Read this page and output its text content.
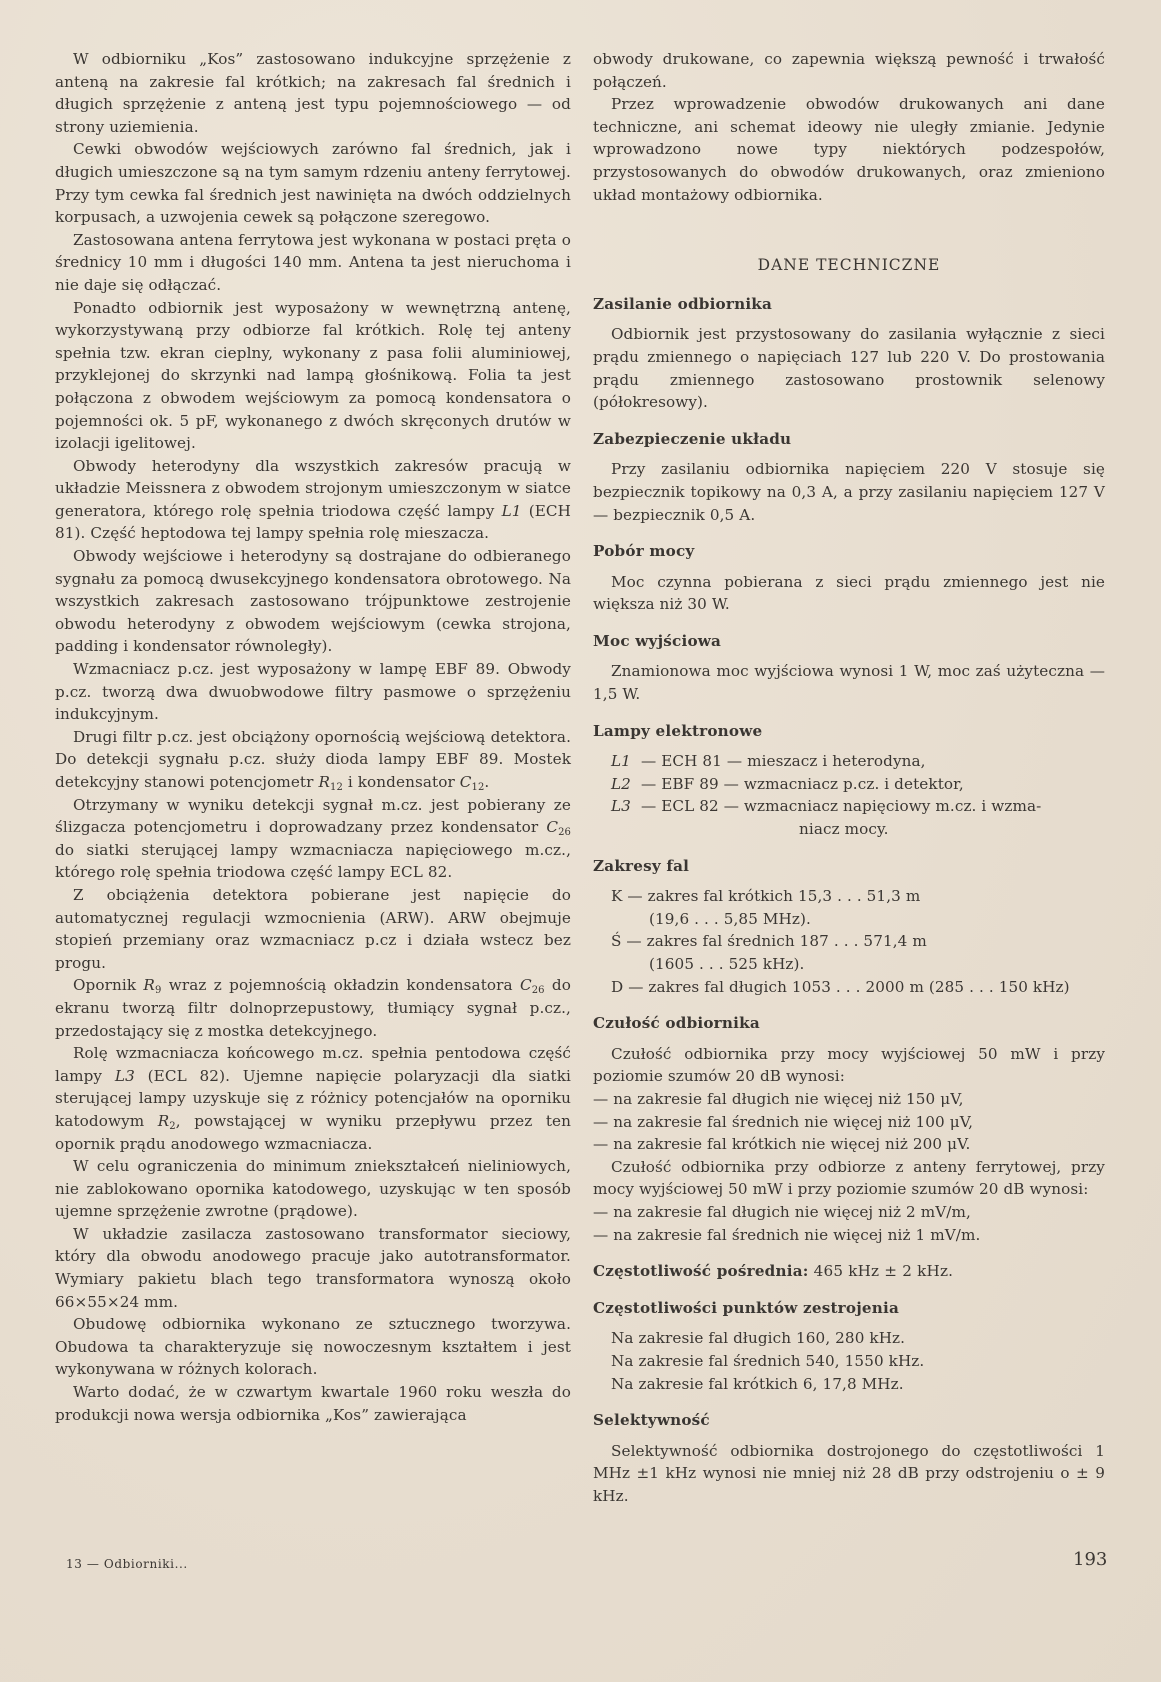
W odbiorniku „Kos” zastosowano indukcyjne sprzężenie z anteną na zakresie fal krótkich; na zakresach fal średnich i długich sprzężenie z anteną jest typu pojemnościowego — od strony uziemienia.

Cewki obwodów wejściowych zarówno fal średnich, jak i długich umieszczone są na tym samym rdzeniu anteny ferrytowej. Przy tym cewka fal średnich jest nawinięta na dwóch oddzielnych korpusach, a uzwojenia cewek są połączone szeregowo.

Zastosowana antena ferrytowa jest wykonana w postaci pręta o średnicy 10 mm i długości 140 mm. Antena ta jest nieruchoma i nie daje się odłączać.

Ponadto odbiornik jest wyposażony w wewnętrzną antenę, wykorzystywaną przy odbiorze fal krótkich. Rolę tej anteny spełnia tzw. ekran cieplny, wykonany z pasa folii aluminiowej, przyklejonej do skrzynki nad lampą głośnikową. Folia ta jest połączona z obwodem wejściowym za pomocą kondensatora o pojemności ok. 5 pF, wykonanego z dwóch skręconych drutów w izolacji igelitowej.

Obwody heterodyny dla wszystkich zakresów pracują w układzie Meissnera z obwodem strojonym umieszczonym w siatce generatora, którego rolę spełnia triodowa część lampy L1 (ECH 81). Część heptodowa tej lampy spełnia rolę mieszacza.

Obwody wejściowe i heterodyny są dostrajane do odbieranego sygnału za pomocą dwusekcyjnego kondensatora obrotowego. Na wszystkich zakresach zastosowano trójpunktowe zestrojenie obwodu heterodyny z obwodem wejściowym (cewka strojona, padding i kondensator równoległy).

Wzmacniacz p.cz. jest wyposażony w lampę EBF 89. Obwody p.cz. tworzą dwa dwuobwodowe filtry pasmowe o sprzężeniu indukcyjnym.

Drugi filtr p.cz. jest obciążony opornością wejściową detektora. Do detekcji sygnału p.cz. służy dioda lampy EBF 89. Mostek detekcyjny stanowi potencjometr $R_{12}$ i kondensator $C_{12}$.

Otrzymany w wyniku detekcji sygnał m.cz. jest pobierany ze ślizgacza potencjometru i doprowadzany przez kondensator $C_{26}$ do siatki sterującej lampy wzmacniacza napięciowego m.cz., którego rolę spełnia triodowa część lampy ECL 82.

Z obciążenia detektora pobierane jest napięcie do automatycznej regulacji wzmocnienia (ARW). ARW obejmuje stopień przemiany oraz wzmacniacz p.cz i działa wstecz bez progu.

Opornik $R_9$ wraz z pojemnością okładzin kondensatora $C_{26}$ do ekranu tworzą filtr dolnoprzepustowy, tłumiący sygnał p.cz., przedostający się z mostka detekcyjnego.

Rolę wzmacniacza końcowego m.cz. spełnia pentodowa część lampy L3 (ECL 82). Ujemne napięcie polaryzacji dla siatki sterującej lampy uzyskuje się z różnicy potencjałów na oporniku katodowym $R_2$, powstającej w wyniku przepływu przez ten opornik prądu anodowego wzmacniacza.

W celu ograniczenia do minimum zniekształceń nieliniowych, nie zablokowano opornika katodowego, uzyskując w ten sposób ujemne sprzężenie zwrotne (prądowe).

W układzie zasilacza zastosowano transformator sieciowy, który dla obwodu anodowego pracuje jako autotransformator. Wymiary pakietu blach tego transformatora wynoszą około 66×55×24 mm.

Obudowę odbiornika wykonano ze sztucznego tworzywa. Obudowa ta charakteryzuje się nowoczesnym kształtem i jest wykonywana w różnych kolorach.

Warto dodać, że w czwartym kwartale 1960 roku weszła do produkcji nowa wersja odbiornika „Kos” zawierająca

obwody drukowane, co zapewnia większą pewność i trwałość połączeń.

Przez wprowadzenie obwodów drukowanych ani dane techniczne, ani schemat ideowy nie uległy zmianie. Jedynie wprowadzono nowe typy niektórych podzespołów, przystosowanych do obwodów drukowanych, oraz zmieniono układ montażowy odbiornika.

DANE TECHNICZNE
Zasilanie odbiornika

Odbiornik jest przystosowany do zasilania wyłącznie z sieci prądu zmiennego o napięciach 127 lub 220 V. Do prostowania prądu zmiennego zastosowano prostownik selenowy (półokresowy).

Zabezpieczenie układu

Przy zasilaniu odbiornika napięciem 220 V stosuje się bezpiecznik topikowy na 0,3 A, a przy zasilaniu napięciem 127 V — bezpiecznik 0,5 A.

Pobór mocy

Moc czynna pobierana z sieci prądu zmiennego jest nie większa niż 30 W.

Moc wyjściowa

Znamionowa moc wyjściowa wynosi 1 W, moc zaś użyteczna — 1,5 W.

Lampy elektronowe
L1 — ECH 81 — mieszacz i heterodyna,
L2 — EBF 89 — wzmacniacz p.cz. i detektor,
L3 — ECL 82 — wzmacniacz napięciowy m.cz. i wzma-
niacz mocy.
Zakresy fal
K — zakres fal krótkich 15,3 . . . 51,3 m
(19,6 . . . 5,85 MHz).
Ś — zakres fal średnich 187 . . . 571,4 m
(1605 . . . 525 kHz).
D — zakres fal długich 1053 . . . 2000 m (285 . . . 150 kHz)
Czułość odbiornika

Czułość odbiornika przy mocy wyjściowej 50 mW i przy poziomie szumów 20 dB wynosi:

— na zakresie fal długich nie więcej niż 150 μV,
— na zakresie fal średnich nie więcej niż 100 μV,
— na zakresie fal krótkich nie więcej niż 200 μV.

Czułość odbiornika przy odbiorze z anteny ferrytowej, przy mocy wyjściowej 50 mW i przy poziomie szumów 20 dB wynosi:

— na zakresie fal długich nie więcej niż 2 mV/m,
— na zakresie fal średnich nie więcej niż 1 mV/m.
Częstotliwość pośrednia: 465 kHz ± 2 kHz.
Częstotliwości punktów zestrojenia
Na zakresie fal długich 160, 280 kHz.
Na zakresie fal średnich 540, 1550 kHz.
Na zakresie fal krótkich 6, 17,8 MHz.
Selektywność

Selektywność odbiornika dostrojonego do częstotliwości 1 MHz ±1 kHz wynosi nie mniej niż 28 dB przy odstrojeniu o ± 9 kHz.

13 — Odbiorniki...	193
